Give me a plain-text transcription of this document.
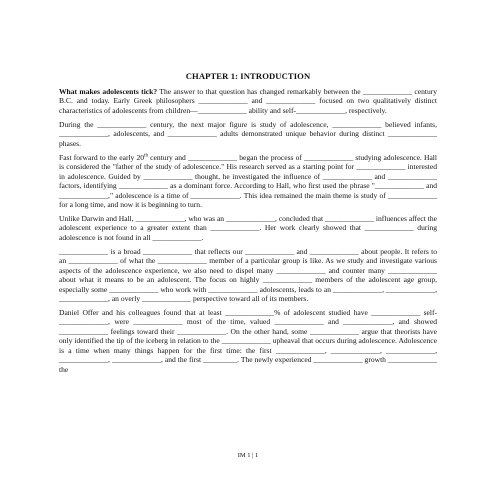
CHAPTER 1: INTRODUCTION

What makes adolescents tick? The answer to that question has changed remarkably between the _____________ century B.C. and today. Early Greek philosophers _____________ and _____________ focused on two qualitatively distinct characteristics of adolescents from children—_____________ ability and self-_____________, respectively.

During the _____________ century, the next major figure is study of adolescence, _____________ believed infants, _____________, adolescents, and _____________ adults demonstrated unique behavior during distinct _____________ phases.

Fast forward to the early 20th century and _____________ began the process of _____________ studying adolescence. Hall is considered the "father of the study of adolescence." His research served as a starting point for _____________ interested in adolescence. Guided by _____________ thought, he investigated the influence of _____________ and _____________ factors, identifying _____________ as a dominant force. According to Hall, who first used the phrase "_____________ and _____________," adolescence is a time of _____________. This idea remained the main theme is study of _____________ for a long time, and now it is beginning to turn.

Unlike Darwin and Hall, _____________, who was an _____________, concluded that _____________ influences affect the adolescent experience to a greater extent than _____________. Her work clearly showed that _____________ during adolescence is not found in all _____________.

_____________ is a broad _____________ that reflects our _____________ and _____________ about people. It refers to an _____________ of what the _____________ member of a particular group is like. As we study and investigate various aspects of the adolescence experience, we also need to dispel many _____________ and counter many _____________ about what it means to be an adolescent. The focus on highly _____________ members of the adolescent age group, especially some _____________ who work with _____________ adolescents, leads to an _____________, _____________, _____________, an overly _____________ perspective toward all of its members.

Daniel Offer and his colleagues found that at least _____________% of adolescent studied have _____________ self-_____________, were _____________ most of the time, valued _____________ and _____________, and showed _____________ feelings toward their _____________. On the other hand, some _____________ argue that theorists have only identified the tip of the iceberg in relation to the _____________ upheaval that occurs during adolescence. Adolescence is a time when many things happen for the first time: the first _____________, _____________, _____________, _____________, _____________, and the first _________. The newly experienced _____________ growth _____________ the

IM 1 | 1
